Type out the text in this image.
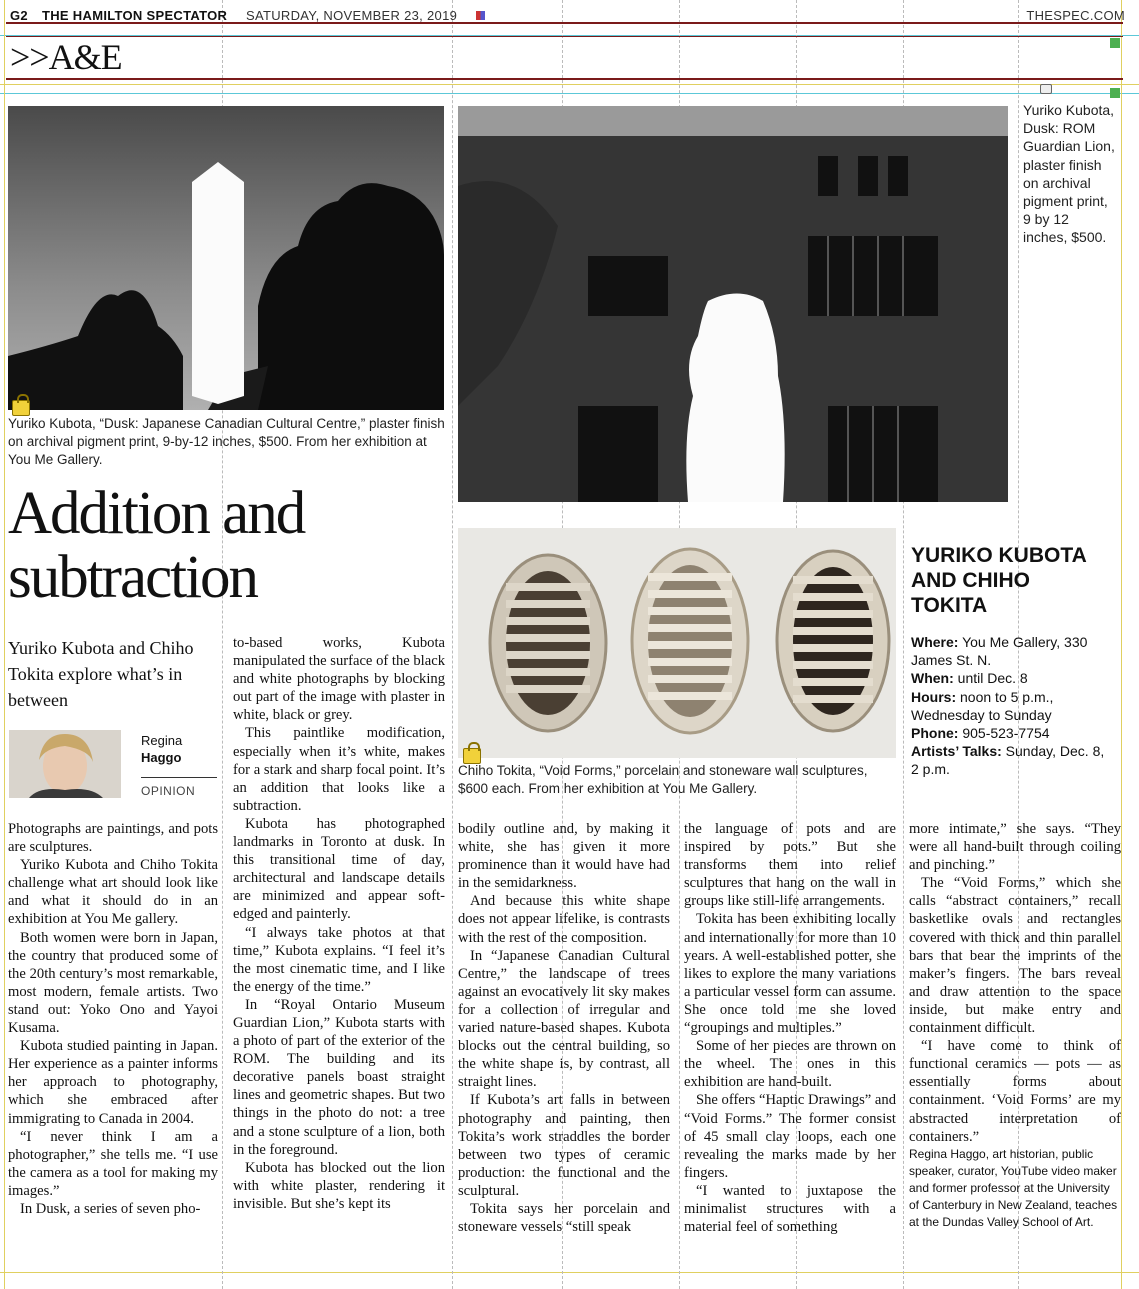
G2 THE HAMILTON SPECTATOR SATURDAY, NOVEMBER 23, 2019	THESPEC.COM
>>A&E
Yuriko Kubota, “Dusk: Japanese Canadian Cultural Centre,” plaster finish on archival pigment print, 9-by-12 inches, $500. From her exhibition at You Me Gallery.
Yuriko Kubota, Dusk: ROM Guardian Lion, plaster finish on archival pigment print, 9 by 12 inches, $500.
Chiho Tokita, “Void Forms,” porcelain and stoneware wall sculptures, $600 each. From her exhibition at You Me Gallery.
Addition and subtraction
Yuriko Kubota and Chiho Tokita explore what’s in between
Regina
Haggo
OPINION

Photographs are paintings, and pots are sculptures.

Yuriko Kubota and Chiho Tokita challenge what art should look like and what it should do in an exhibition at You Me gallery.

Both women were born in Japan, the country that produced some of the 20th century’s most remarkable, most modern, female artists. Two stand out: Yoko Ono and Yayoi Kusama.

Kubota studied painting in Japan. Her experience as a painter informs her approach to photography, which she embraced after immigrating to Canada in 2004.

“I never think I am a photographer,” she tells me. “I use the camera as a tool for making my images.”

In Dusk, a series of seven pho-

to-based works, Kubota manipulated the surface of the black and white photographs by blocking out part of the image with plaster in white, black or grey.

This paintlike modification, especially when it’s white, makes for a stark and sharp focal point. It’s an addition that looks like a subtraction.

Kubota has photographed landmarks in Toronto at dusk. In this transitional time of day, architectural and landscape details are minimized and appear soft-edged and painterly.

“I always take photos at that time,” Kubota explains. “I feel it’s the most cinematic time, and I like the energy of the time.”

In “Royal Ontario Museum Guardian Lion,” Kubota starts with a photo of part of the exterior of the ROM. The building and its decorative panels boast straight lines and geometric shapes. But two things in the photo do not: a tree and a stone sculpture of a lion, both in the foreground.

Kubota has blocked out the lion with white plaster, rendering it invisible. But she’s kept its

bodily outline and, by making it white, she has given it more prominence than it would have had in the semidarkness.

And because this white shape does not appear lifelike, is contrasts with the rest of the composition.

In “Japanese Canadian Cultural Centre,” the landscape of trees against an evocatively lit sky makes for a collection of irregular and varied nature-based shapes. Kubota blocks out the central building, so the white shape is, by contrast, all straight lines.

If Kubota’s art falls in between photography and painting, then Tokita’s work straddles the border between two types of ceramic production: the functional and the sculptural.

Tokita says her porcelain and stoneware vessels “still speak

the language of pots and are inspired by pots.” But she transforms them into relief sculptures that hang on the wall in groups like still-life arrangements.

Tokita has been exhibiting locally and internationally for more than 10 years. A well-established potter, she likes to explore the many variations a particular vessel form can assume. She once told me she loved “groupings and multiples.”

Some of her pieces are thrown on the wheel. The ones in this exhibition are hand-built.

She offers “Haptic Drawings” and “Void Forms.” The former consist of 45 small clay loops, each one revealing the marks made by her fingers.

“I wanted to juxtapose the minimalist structures with a material feel of something

more intimate,” she says. “They were all hand-built through coiling and pinching.”

The “Void Forms,” which she calls “abstract containers,” recall basketlike ovals and rectangles covered with thick and thin parallel bars that bear the imprints of the maker’s fingers. The bars reveal and draw attention to the space inside, but make entry and containment difficult.

“I have come to think of functional ceramics — pots — as essentially forms about containment. ‘Void Forms’ are my abstracted interpretation of containers.”

Regina Haggo, art historian, public speaker, curator, YouTube video maker and former professor at the University of Canterbury in New Zealand, teaches at the Dundas Valley School of Art.

YURIKO KUBOTA AND CHIHO TOKITA
Where: You Me Gallery, 330 James St. N.
When: until Dec. 8
Hours: noon to 5 p.m., Wednesday to Sunday
Phone: 905-523-7754
Artists’ Talks: Sunday, Dec. 8, 2 p.m.
